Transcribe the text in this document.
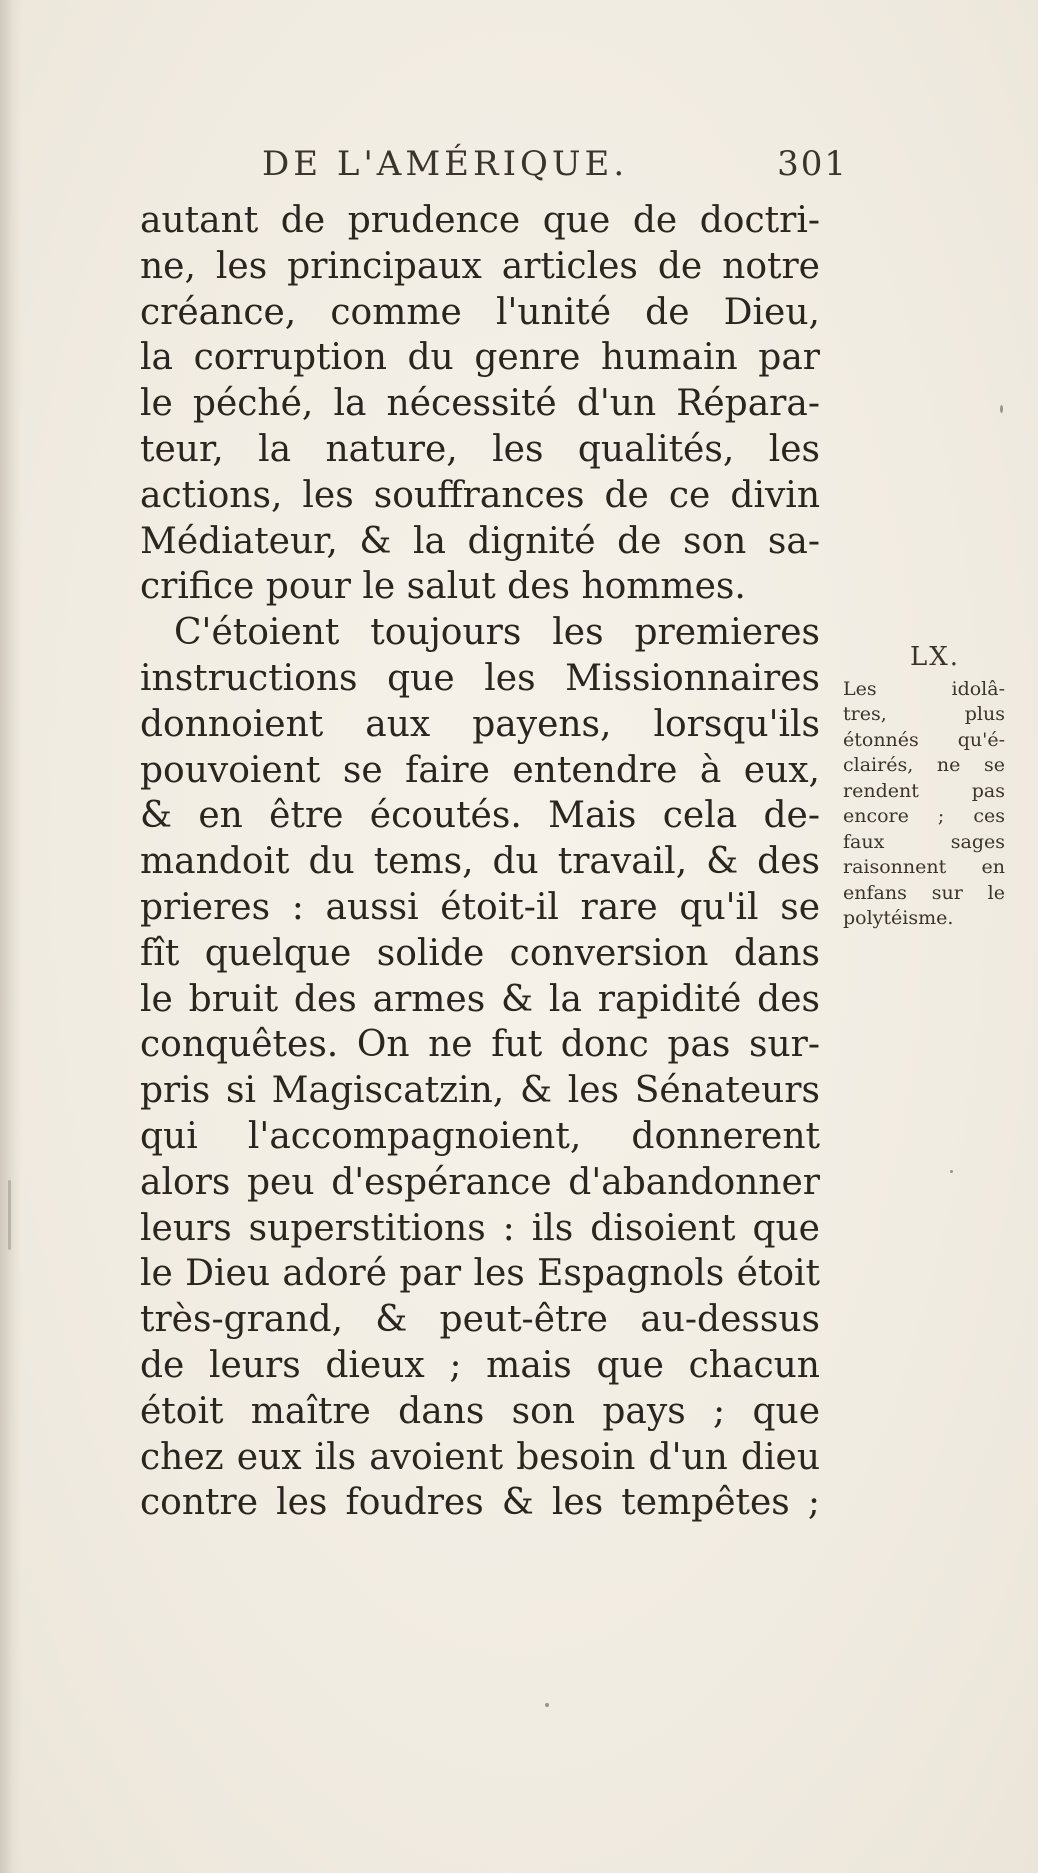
DE L'AMÉRIQUE.	301
autant de prudence que de doctri-
ne, les principaux articles de notre
créance, comme l'unité de Dieu,
la corruption du genre humain par
le péché, la nécessité d'un Répara-
teur, la nature, les qualités, les
actions, les souffrances de ce divin
Médiateur, & la dignité de son sa-
crifice pour le salut des hommes.
C'étoient toujours les premieres
instructions que les Missionnaires
donnoient aux payens, lorsqu'ils
pouvoient se faire entendre à eux,
& en être écoutés. Mais cela de-
mandoit du tems, du travail, & des
prieres : aussi étoit-il rare qu'il se
fît quelque solide conversion dans
le bruit des armes & la rapidité des
conquêtes. On ne fut donc pas sur-
pris si Magiscatzin, & les Sénateurs
qui l'accompagnoient, donnerent
alors peu d'espérance d'abandonner
leurs superstitions : ils disoient que
le Dieu adoré par les Espagnols étoit
très-grand, & peut-être au-dessus
de leurs dieux ; mais que chacun
étoit maître dans son pays ; que
chez eux ils avoient besoin d'un dieu
contre les foudres & les tempêtes ;
LX.
Les idolâ-
tres, plus
étonnés qu'é-
clairés, ne se
rendent pas
encore ; ces
faux sages
raisonnent en
enfans sur le
polytéisme.
